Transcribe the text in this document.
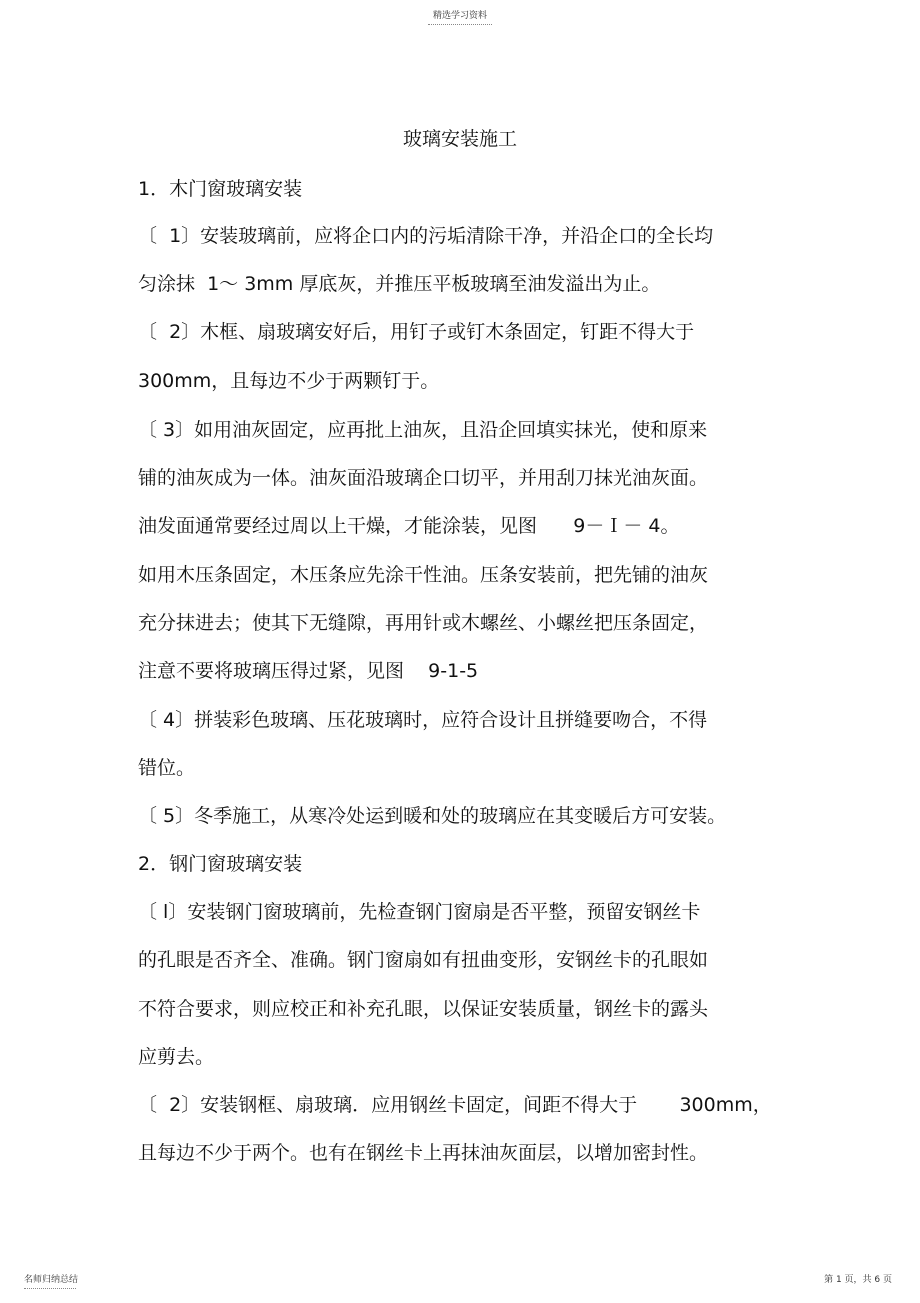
精选学习资料
玻璃安装施工
1．木门窗玻璃安装
〔  1〕安装玻璃前，应将企口内的污垢清除干净，并沿企口的全长均
匀涂抹  1～ 3mm 厚底灰，并推压平板玻璃至油发溢出为止。
〔  2〕木框、扇玻璃安好后，用钉子或钉木条固定，钉距不得大于
300mm，且每边不少于两颗钉于。
〔 3〕如用油灰固定，应再批上油灰，且沿企回填实抹光，使和原来
铺的油灰成为一体。油灰面沿玻璃企口切平，并用刮刀抹光油灰面。
油发面通常要经过周以上干燥，才能涂装，见图      9－Ｉ－ 4。
如用木压条固定，木压条应先涂干性油。压条安装前，把先铺的油灰
充分抹进去；使其下无缝隙，再用针或木螺丝、小螺丝把压条固定，
注意不要将玻璃压得过紧，见图    9-1-5
〔 4〕拼装彩色玻璃、压花玻璃时，应符合设计且拼缝要吻合，不得
错位。
〔 5〕冬季施工，从寒冷处运到暖和处的玻璃应在其变暖后方可安装。
2．钢门窗玻璃安装
〔 l〕安装钢门窗玻璃前，先检查钢门窗扇是否平整，预留安钢丝卡
的孔眼是否齐全、准确。钢门窗扇如有扭曲变形，安钢丝卡的孔眼如
不符合要求，则应校正和补充孔眼，以保证安装质量，钢丝卡的露头
应剪去。
〔  2〕安装钢框、扇玻璃．应用钢丝卡固定，间距不得大于       300mm，
且每边不少于两个。也有在钢丝卡上再抹油灰面层，以增加密封性。
名师归纳总结	第 1 页，共 6 页
